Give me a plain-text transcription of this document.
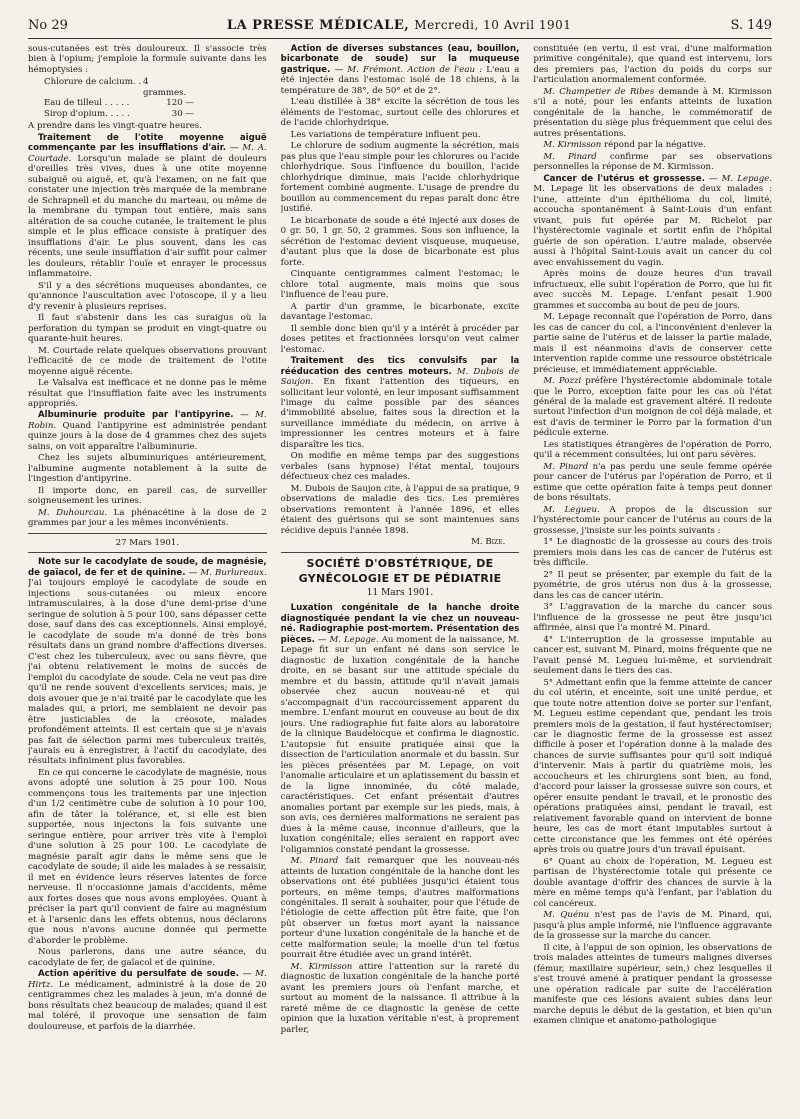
No 29	LA PRESSE MÉDICALE, Mercredi, 10 Avril 1901	S. 149

sous-cutanées est très douloureux. Il s'associe très bien à l'opium; j'emploie la formule suivante dans les hémoptysies :

Chlorure de calcium. . 4 grammes.
Eau de tilleul . . . . .	120 —
Sirop d'opium. . . . .	30 —

A prendre dans les vingt-quatre heures.

Traitement de l'otite moyenne aiguë commençante par les insufflations d'air. — M. A. Courtade. Lorsqu'un malade se plaint de douleurs d'oreilles très vives, dues à une otite moyenne subaiguë ou aiguë, et, qu'à l'examen, on ne fait que constater une injection très marquée de la membrane de Schrapnell et du manche du marteau, ou même de la membrane du tympan tout entière, mais sans altération de sa couche cutanée, le traitement le plus simple et le plus efficace consiste à pratiquer des insufflations d'air. Le plus souvent, dans les cas récents, une seule insufflation d'air suffit pour calmer les douleurs, rétablir l'ouïe et enrayer le processus inflammatoire.

S'il y a des sécrétions muqueuses abondantes, ce qu'annonce l'auscultation avec l'otoscope, il y a lieu d'y revenir à plusieurs reprises.

Il faut s'abstenir dans les cas suraigus où la perforation du tympan se produit en vingt-quatre ou quarante-huit heures.

M. Courtade relate quelques observations prouvant l'efficacité de ce mode de traitement de l'otite moyenne aiguë récente.

Le Valsalva est inefficace et ne donne pas le même résultat que l'insufflation faite avec les instruments appropriés.

Albuminurie produite par l'antipyrine. — M. Robin. Quand l'antipyrine est administrée pendant quinze jours à la dose de 4 grammes chez des sujets sains, on voit apparaître l'albuminurie.

Chez les sujets albuminuriques antérieurement, l'albumine augmente notablement à la suite de l'ingestion d'antipyrine.

Il importe donc, en pareil cas, de surveiller soigneusement les urines.

M. Duhourcau. La phénacétine à la dose de 2 grammes par jour a les mêmes inconvénients.

27 Mars 1901.

Note sur le cacodylate de soude, de magnésie, de gaïacol, de fer et de quinine. — M. Burlureaux. J'ai toujours employé le cacodylate de soude en injections sous-cutanées ou mieux encore intramusculaires, à la dose d'une demi-prise d'une seringue de solution à 5 pour 100, sans dépasser cette dose, sauf dans des cas exceptionnels. Ainsi employé, le cacodylate de soude m'a donné de très bons résultats dans un grand nombre d'affections diverses. C'est chez les tuberculeux, avec ou sans fièvre, que j'ai obtenu relativement le moins de succès de l'emploi du cacodylate de soude. Cela ne veut pas dire qu'il ne rende souvent d'excellents services; mais, je dois avouer que je n'ai traité par le cacodylate que les malades qui, a priori, me semblaient ne devoir pas être justiciables de la créosote, malades profondément atteints. Il est certain que si je n'avais pas fait de sélection parmi mes tuberculeux traités, j'aurais eu à enregistrer, à l'actif du cacodylate, des résultats infiniment plus favorables.

En ce qui concerne le cacodylate de magnésie, nous avons adopté une solution à 25 pour 100. Nous commençons tous les traitements par une injection d'un 1/2 centimètre cube de solution à 10 pour 100, afin de tâter la tolérance, et, si elle est bien supportée, nous injectons la fois suivante une seringue entière, pour arriver très vite à l'emploi d'une solution à 25 pour 100. Le cacodylate de magnésie paraît agir dans le même sens que le cacodylate de soude; il aide les malades à se ressaisir, il met en évidence leurs réserves latentes de force nerveuse. Il n'occasionne jamais d'accidents, même aux fortes doses que nous avons employées. Quant à préciser la part qu'il convient de faire au magnésium et à l'arsenic dans les effets obtenus, nous déclarons que nous n'avons aucune donnée qui permette d'aborder le problème.

Nous parlerons, dans une autre séance, du cacodylate de fer, de gaïacol et de quinine.

Action apéritive du persulfate de soude. — M. Hirtz. Le médicament, administré à la dose de 20 centigrammes chez les malades à jeun, m'a donné de bons résultats chez beaucoup de malades; quand il est mal toléré, il provoque une sensation de faim douloureuse, et parfois de la diarrhée.

Action de diverses substances (eau, bouillon, bicarbonate de soude) sur la muqueuse gastrique. — M. Frémont. Action de l'eau : L'eau a été injectée dans l'estomac isolé de 18 chiens, à la température de 38°, de 50° et de 2°.

L'eau distillée à 38° excite la sécrétion de tous les éléments de l'estomac, surtout celle des chlorures et de l'acide chlorhydrique.

Les variations de température influent peu.

Le chlorure de sodium augmente la sécrétion, mais pas plus que l'eau simple pour les chlorures ou l'acide chlorhydrique. Sous l'influence du bouillon, l'acide chlorhydrique diminue, mais l'acide chlorhydrique fortement combiné augmente. L'usage de prendre du bouillon au commencement du repas paraît donc être justifié.

Le bicarbonate de soude a été injecté aux doses de 0 gr. 50, 1 gr. 50, 2 grammes. Sous son influence, la sécrétion de l'estomac devient visqueuse, muqueuse, d'autant plus que la dose de bicarbonate est plus forte.

Cinquante centigrammes calment l'estomac; le chlore total augmente, mais moins que sous l'influence de l'eau pure.

A partir d'un gramme, le bicarbonate, excite davantage l'estomac.

Il semble donc bien qu'il y a intérêt à procéder par doses petites et fractionnées lorsqu'on veut calmer l'estomac.

Traitement des tics convulsifs par la rééducation des centres moteurs. M. Dubois de Saujon. En fixant l'attention des tiqueurs, en sollicitant leur volonté, en leur imposant suffisamment l'image du calme possible par des séances d'immobilité absolue, faites sous la direction et la surveillance immédiate du médecin, on arrive à impressionner les centres moteurs et à faire disparaître les tics.

On modifie en même temps par des suggestions verbales (sans hypnose) l'état mental, toujours défectueux chez ces malades.

M. Dubois de Saujon cite, à l'appui de sa pratique, 9 observations de maladie des tics. Les premières observations remontent à l'année 1896, et elles étaient des guérisons qui se sont maintenues sans récidive depuis l'année 1898.

M. Bize.

SOCIÉTÉ D'OBSTÉTRIQUE, DE GYNÉCOLOGIE ET DE PÉDIATRIE
11 Mars 1901.

Luxation congénitale de la hanche droite diagnostiquée pendant la vie chez un nouveau-né. Radiographie post-mortem. Présentation des pièces. — M. Lepage. Au moment de la naissance, M. Lepage fit sur un enfant né dans son service le diagnostic de luxation congénitale de la hanche droite, en se basant sur une attitude spéciale du membre et du bassin, attitude qu'il n'avait jamais observée chez aucun nouveau-né et qui s'accompagnait d'un raccourcissement apparent du membre. L'enfant mourut en couveuse au bout de dix jours. Une radiographie fut faite alors au laboratoire de la clinique Baudelocque et confirma le diagnostic. L'autopsie fut ensuite pratiquée ainsi que la dissection de l'articulation anormale et du bassin. Sur les pièces présentées par M. Lepage, on voit l'anomalie articulaire et un aplatissement du bassin et de la ligne innominée, du côté malade, caractéristiques. Cet enfant présentait d'autres anomalies portant par exemple sur les pieds, mais, à son avis, ces dernières malformations ne seraient pas dues à la même cause, inconnue d'ailleurs, que la luxation congénitale; elles seraient en rapport avec l'oligamnios constaté pendant la grossesse.

M. Pinard fait remarquer que les nouveau-nés atteints de luxation congénitale de la hanche dont les observations ont été publiées jusqu'ici étaient tous porteurs, en même temps, d'autres malformations congénitales. Il serait à souhaiter, pour que l'étude de l'étiologie de cette affection pût être faite, que l'on pût observer un fœtus mort ayant la naissance porteur d'une luxation congénitale de la hanche et de cette malformation seule; la moelle d'un tel fœtus pourrait être étudiée avec un grand intérêt.

M. Kirmisson attire l'attention sur la rareté du diagnostic de luxation congénitale de la hanche porté avant les premiers jours où l'enfant marche, et surtout au moment de la naissance. Il attribue à la rareté même de ce diagnostic la genèse de cette opinion que la luxation véritable n'est, à proprement parler,

constituée (en vertu, il est vrai, d'une malformation primitive congénitale), que quand est intervenu, lors des premiers pas, l'action du poids du corps sur l'articulation anormalement conformée.

M. Champetier de Ribes demande à M. Kirmisson s'il a noté, pour les enfants atteints de luxation congénitale de la hanche, le commémoratif de présentation du siège plus fréquemment que celui des autres présentations.

M. Kirmisson répond par la négative.

M. Pinard confirme par ses observations personnelles la réponse de M. Kirmisson.

Cancer de l'utérus et grossesse. — M. Lepage. M. Lepage lit les observations de deux malades : l'une, atteinte d'un épithélioma du col, limité, accoucha spontanément à Saint-Louis d'un enfant vivant, puis fut opérée par M. Richelot par l'hystérectomie vaginale et sortit enfin de l'hôpital guérie de son opération. L'autre malade, observée aussi à l'hôpital Saint-Louis avait un cancer du col avec envahissement du vagin.

Après moins de douze heures d'un travail infructueux, elle subit l'opération de Porro, que lui fit avec succès M. Lepage. L'enfant pesait 1.900 grammes et succomba au bout de peu de jours.

M. Lepage reconnaît que l'opération de Porro, dans les cas de cancer du col, a l'inconvénient d'enlever la partie saine de l'utérus et de laisser la partie malade, mais il est néanmoins d'avis de conserver cette intervention rapide comme une ressource obstétricale précieuse, et immédiatement appréciable.

M. Pozzi préfère l'hystérectomie abdominale totale que le Porro, exception faite pour les cas où l'état général de la malade est gravement altéré. Il redoute surtout l'infection d'un moignon de col déjà malade, et est d'avis de terminer le Porro par la formation d'un pédicule externe.

Les statistiques étrangères de l'opération de Porro, qu'il a récemment consultées, lui ont paru sévères.

M. Pinard n'a pas perdu une seule femme opérée pour cancer de l'utérus par l'opération de Porro, et il estime que cette opération faite à temps peut donner de bons résultats.

M. Legueu. A propos de la discussion sur l'hystérectomie pour cancer de l'utérus au cours de la grossesse, j'insiste sur les points suivants :

1° Le diagnostic de la grossesse au cours des trois premiers mois dans les cas de cancer de l'utérus est très difficile.

2° Il peut se présenter, par exemple du fait de la pyométrie, de gros utérus non dus à la grossesse, dans les cas de cancer utérin.

3° L'aggravation de la marche du cancer sous l'influence de la grossesse ne peut être jusqu'ici affirmée, ainsi que l'a montré M. Pinard.

4° L'interruption de la grossesse imputable au cancer est, suivant M. Pinard, moins fréquente que ne l'avait pensé M. Legueu lui-même, et surviendrait seulement dans le tiers des cas.

5° Admettant enfin que la femme atteinte de cancer du col utérin, et enceinte, soit une unité perdue, et que toute notre attention doive se porter sur l'enfant, M. Legueu estime cependant que, pendant les trois premiers mois de la gestation, il faut hystérectomiser; car le diagnostic ferme de la grossesse est assez difficile à poser et l'opération donne à la malade des chances de survie suffisantes pour qu'il soit indiqué d'intervenir. Mais à partir du quatrième mois, les accoucheurs et les chirurgiens sont bien, au fond, d'accord pour laisser la grossesse suivre son cours, et opérer ensuite pendant le travail, et le pronostic des opérations pratiquées ainsi, pendant le travail, est relativement favorable quand on intervient de bonne heure, les cas de mort étant imputables surtout à cette circonstance que les femmes ont été opérées après trois ou quatre jours d'un travail épuisant.

6° Quant au choix de l'opération, M. Legueu est partisan de l'hystérectomie totale qui présente ce double avantage d'offrir des chances de survie à la mère en même temps qu'à l'enfant, par l'ablation du col cancéreux.

M. Quénu n'est pas de l'avis de M. Pinard, qui, jusqu'à plus ample informé, nie l'influence aggravante de la grossesse sur la marche du cancer.

Il cite, à l'appui de son opinion, les observations de trois malades atteintes de tumeurs malignes diverses (fémur, maxillaire supérieur, sein,) chez lesquelles il s'est trouvé amené à pratiquer pendant la grossesse une opération radicale par suite de l'accélération manifeste que ces lésions avaient subies dans leur marche depuis le début de la gestation, et bien qu'un examen clinique et anatomo-pathologique
